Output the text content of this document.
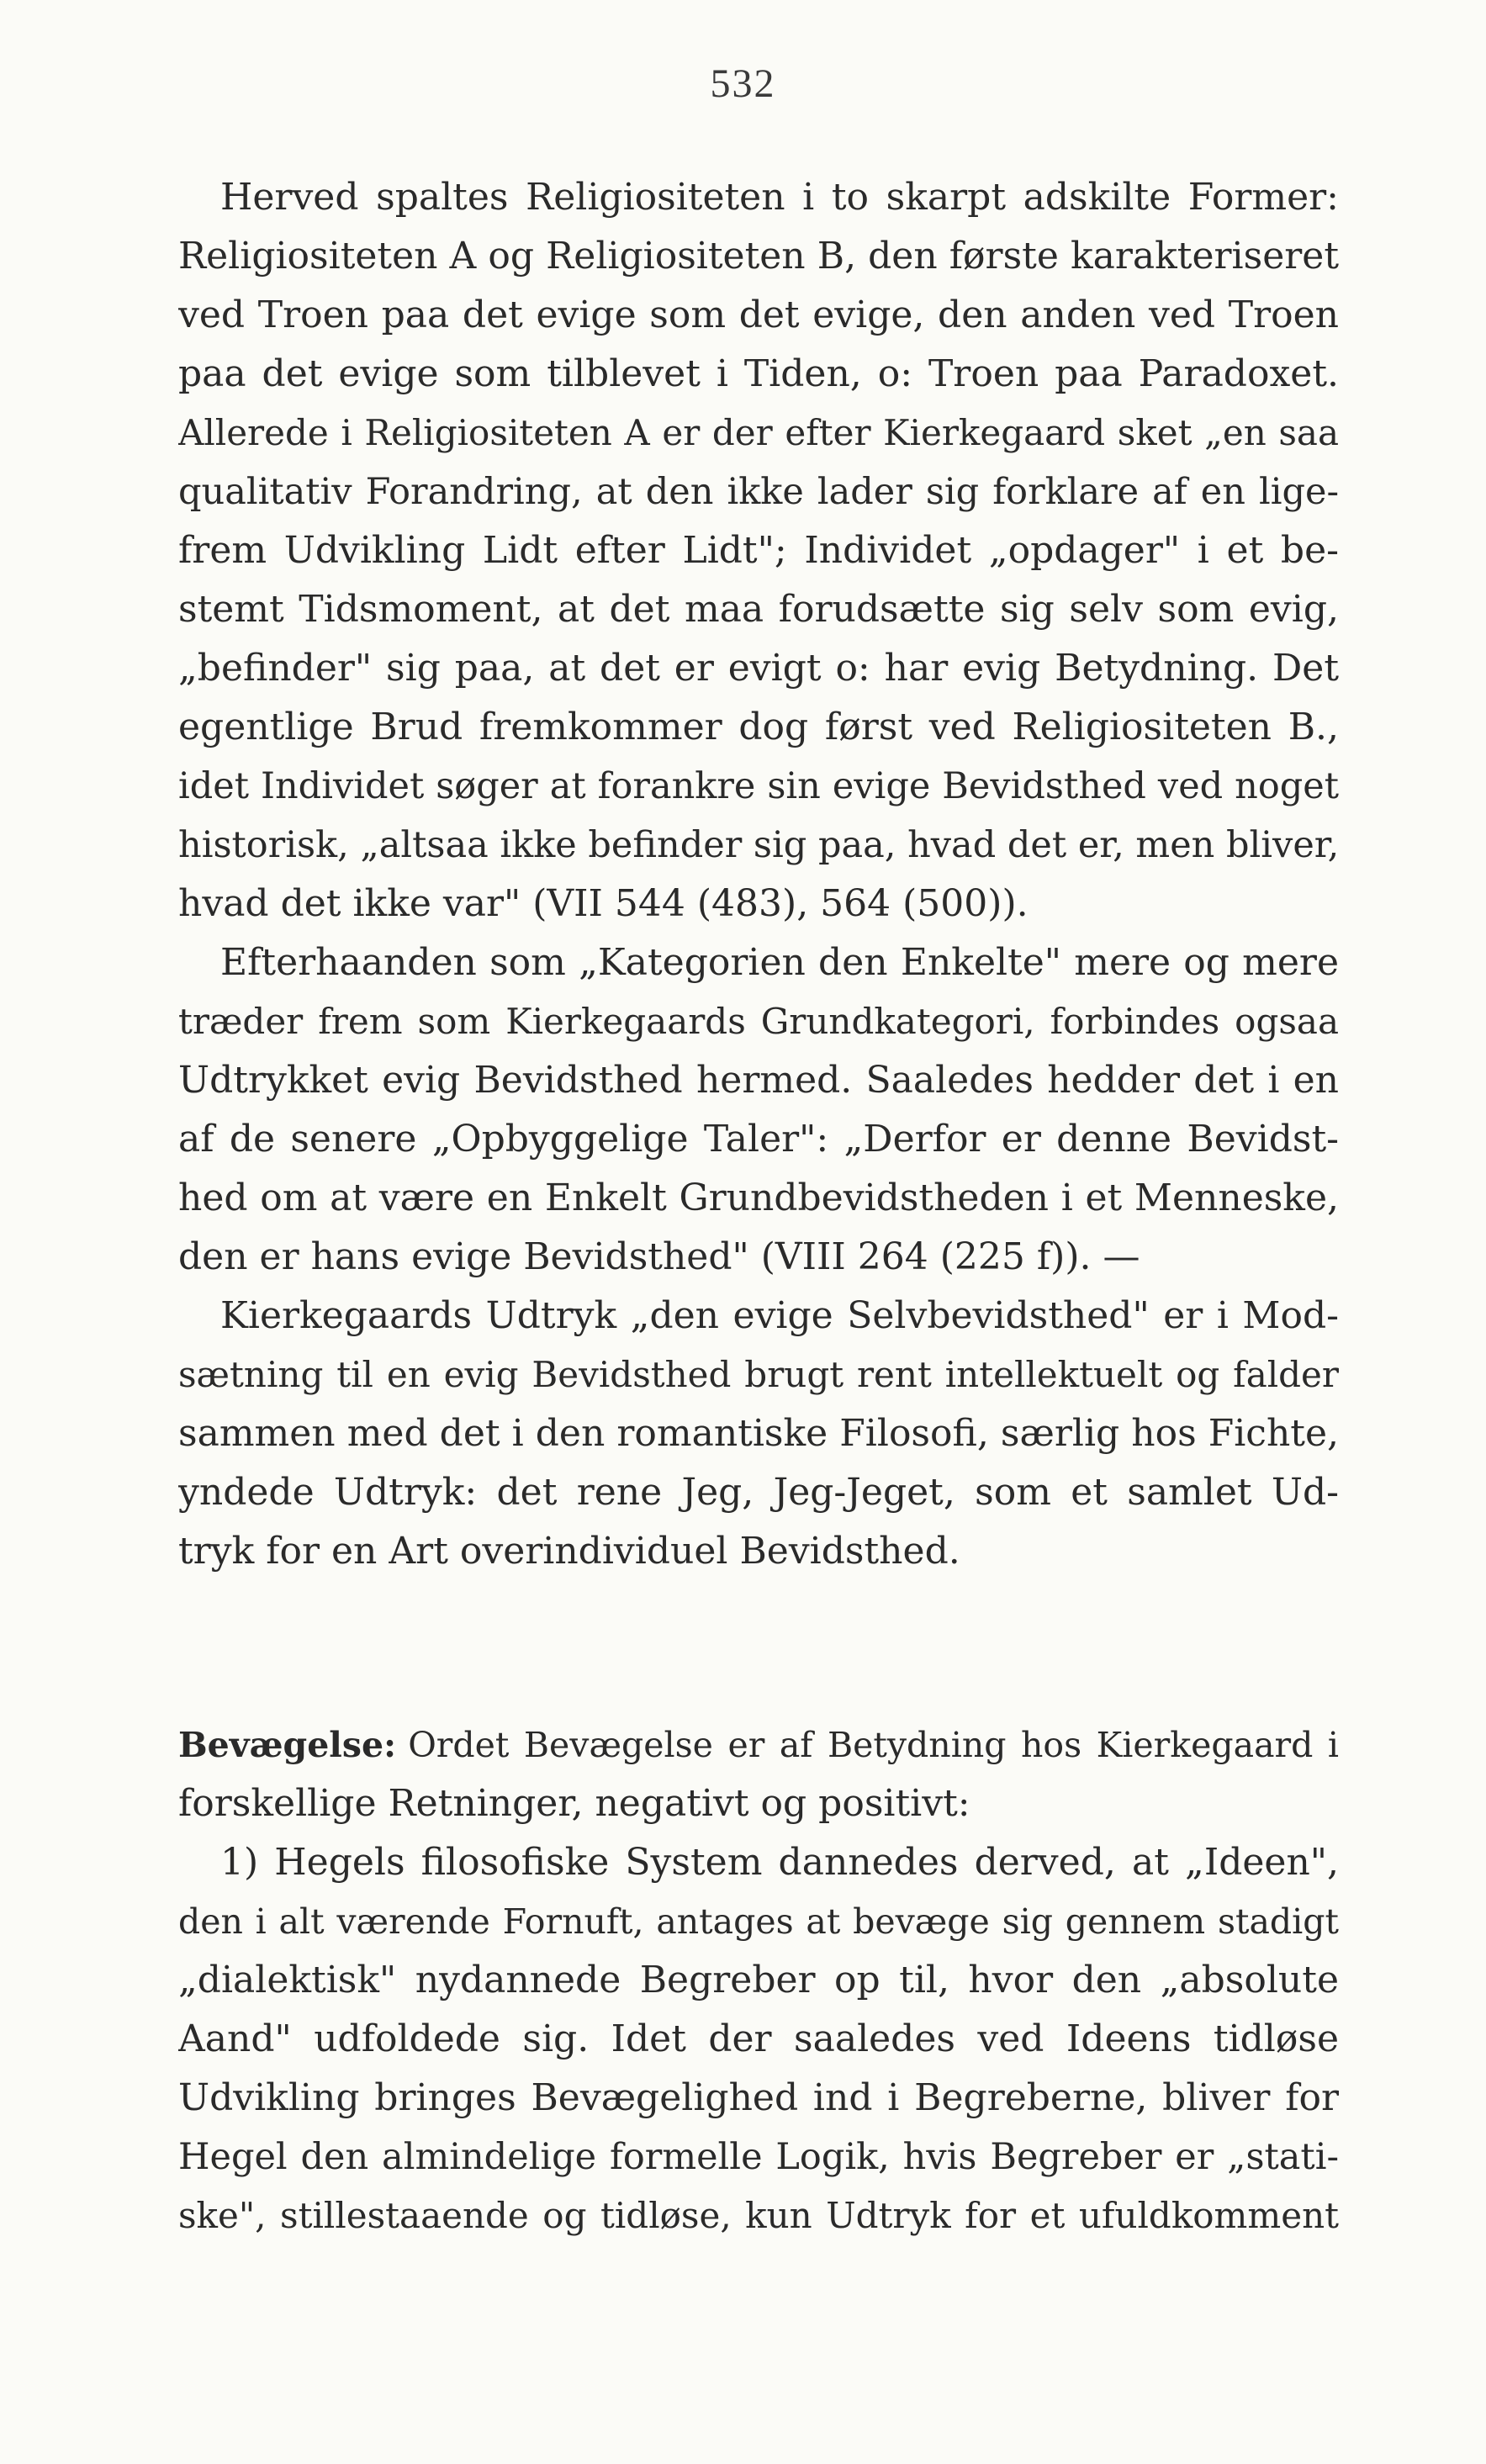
532
Herved spaltes Religiositeten i to skarpt adskilte Former:
Religiositeten A og Religiositeten B, den første karakteriseret
ved Troen paa det evige som det evige, den anden ved Troen
paa det evige som tilblevet i Tiden, o: Troen paa Paradoxet.
Allerede i Religiositeten A er der efter Kierkegaard sket „en saa
qualitativ Forandring, at den ikke lader sig forklare af en lige-
frem Udvikling Lidt efter Lidt"; Individet „opdager" i et be-
stemt Tidsmoment, at det maa forudsætte sig selv som evig,
„befinder" sig paa, at det er evigt o: har evig Betydning. Det
egentlige Brud fremkommer dog først ved Religiositeten B.,
idet Individet søger at forankre sin evige Bevidsthed ved noget
historisk, „altsaa ikke befinder sig paa, hvad det er, men bliver,
hvad det ikke var" (VII 544 (483), 564 (500)).
Efterhaanden som „Kategorien den Enkelte" mere og mere
træder frem som Kierkegaards Grundkategori, forbindes ogsaa
Udtrykket evig Bevidsthed hermed. Saaledes hedder det i en
af de senere „Opbyggelige Taler": „Derfor er denne Bevidst-
hed om at være en Enkelt Grundbevidstheden i et Menneske,
den er hans evige Bevidsthed" (VIII 264 (225 f)). —
Kierkegaards Udtryk „den evige Selvbevidsthed" er i Mod-
sætning til en evig Bevidsthed brugt rent intellektuelt og falder
sammen med det i den romantiske Filosofi, særlig hos Fichte,
yndede Udtryk: det rene Jeg, Jeg-Jeget, som et samlet Ud-
tryk for en Art overindividuel Bevidsthed.
Bevægelse: Ordet Bevægelse er af Betydning hos Kierkegaard i
forskellige Retninger, negativt og positivt:
1) Hegels filosofiske System dannedes derved, at „Ideen",
den i alt værende Fornuft, antages at bevæge sig gennem stadigt
„dialektisk" nydannede Begreber op til, hvor den „absolute
Aand" udfoldede sig. Idet der saaledes ved Ideens tidløse
Udvikling bringes Bevægelighed ind i Begreberne, bliver for
Hegel den almindelige formelle Logik, hvis Begreber er „stati-
ske", stillestaaende og tidløse, kun Udtryk for et ufuldkomment
